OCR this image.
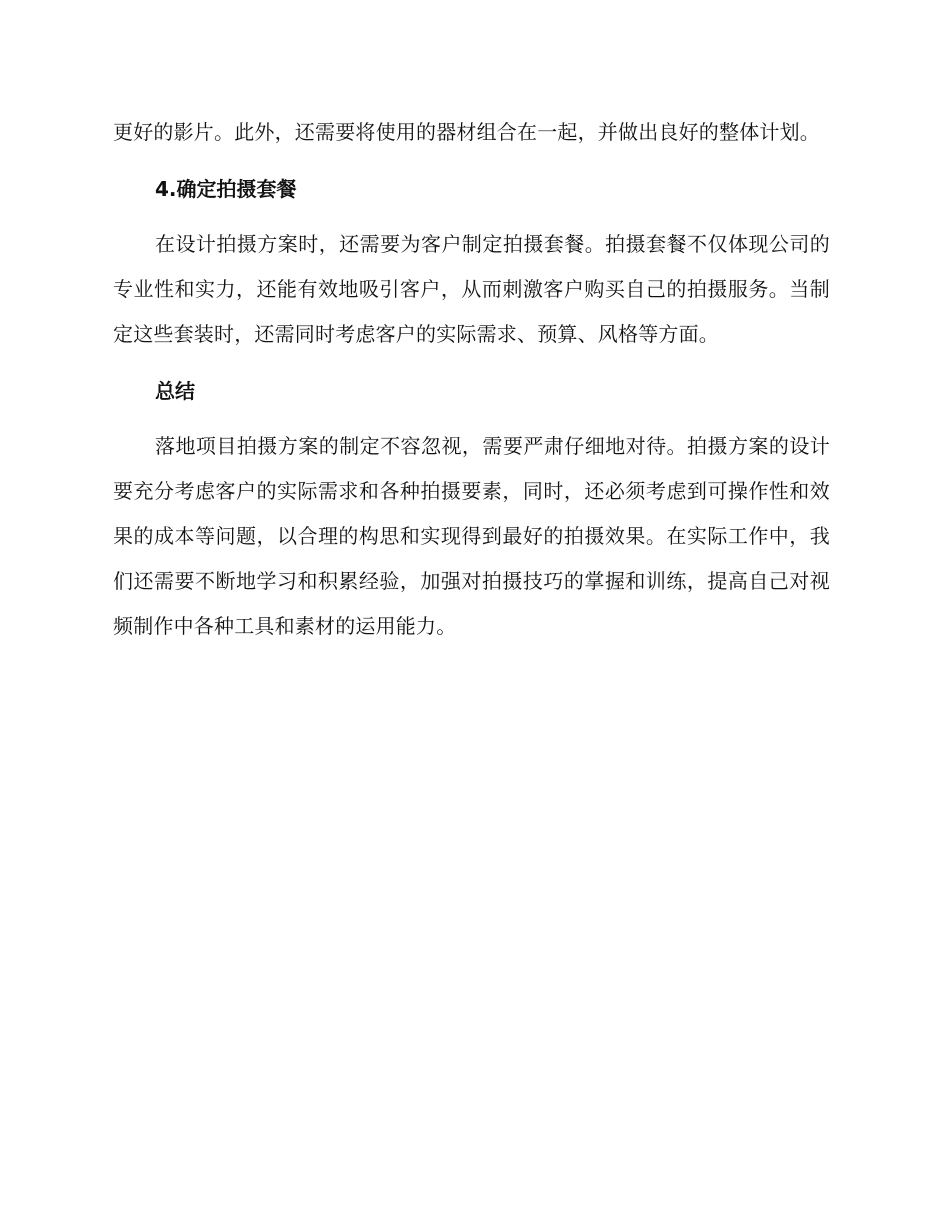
更好的影片。此外，还需要将使用的器材组合在一起，并做出良好的整体计划。

4.确定拍摄套餐

在设计拍摄方案时，还需要为客户制定拍摄套餐。拍摄套餐不仅体现公司的专业性和实力，还能有效地吸引客户，从而刺激客户购买自己的拍摄服务。当制定这些套装时，还需同时考虑客户的实际需求、预算、风格等方面。

总结

落地项目拍摄方案的制定不容忽视，需要严肃仔细地对待。拍摄方案的设计要充分考虑客户的实际需求和各种拍摄要素，同时，还必须考虑到可操作性和效果的成本等问题，以合理的构思和实现得到最好的拍摄效果。在实际工作中，我们还需要不断地学习和积累经验，加强对拍摄技巧的掌握和训练，提高自己对视频制作中各种工具和素材的运用能力。
